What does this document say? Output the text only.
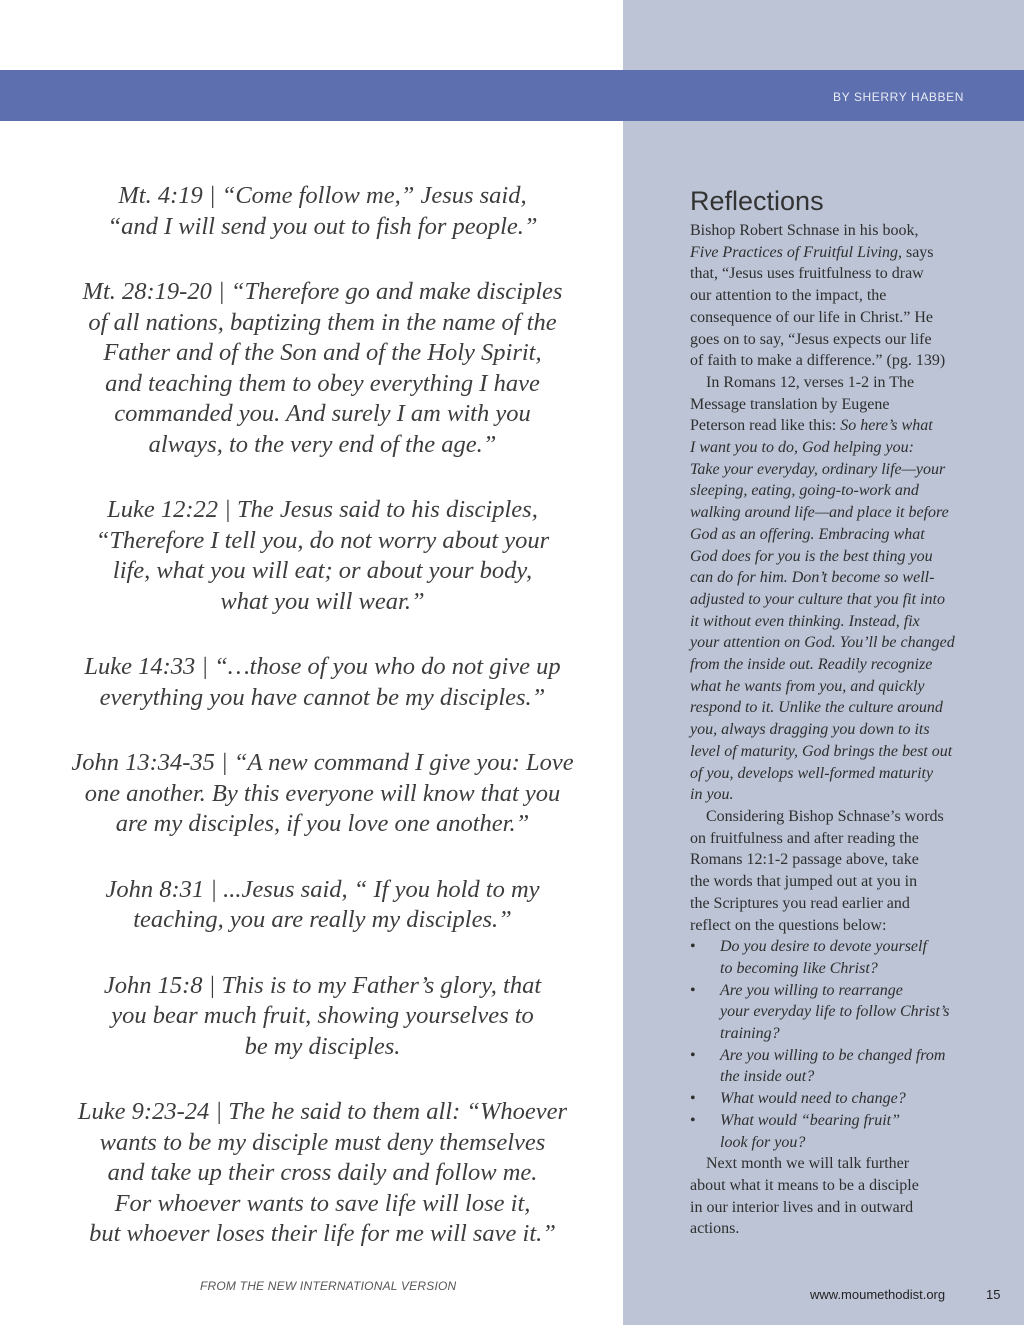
BY SHERRY HABBEN
Mt. 4:19 | “Come follow me,” Jesus said,
“and I will send you out to fish for people.”
Mt. 28:19-20 | “Therefore go and make disciples
of all nations, baptizing them in the name of the
Father and of the Son and of the Holy Spirit,
and teaching them to obey everything I have
commanded you. And surely I am with you
always, to the very end of the age.”
Luke 12:22 | The Jesus said to his disciples,
“Therefore I tell you, do not worry about your
life, what you will eat; or about your body,
what you will wear.”
Luke 14:33 | “…those of you who do not give up
everything you have cannot be my disciples.”
John 13:34-35 | “A new command I give you: Love
one another. By this everyone will know that you
are my disciples, if you love one another.”
John 8:31 | ...Jesus said, “ If you hold to my
teaching, you are really my disciples.”
John 15:8 | This is to my Father’s glory, that
you bear much fruit, showing yourselves to
be my disciples.
Luke 9:23-24 | The he said to them all: “Whoever
wants to be my disciple must deny themselves
and take up their cross daily and follow me.
For whoever wants to save life will lose it,
but whoever loses their life for me will save it.”
FROM THE NEW INTERNATIONAL VERSION
Reflections
Bishop Robert Schnase in his book,
Five Practices of Fruitful Living, says
that, “Jesus uses fruitfulness to draw
our attention to the impact, the
consequence of our life in Christ.” He
goes on to say, “Jesus expects our life
of faith to make a difference.” (pg. 139)
In Romans 12, verses 1-2 in The
Message translation by Eugene
Peterson read like this: So here’s what
I want you to do, God helping you:
Take your everyday, ordinary life—your
sleeping, eating, going-to-work and
walking around life—and place it before
God as an offering. Embracing what
God does for you is the best thing you
can do for him. Don’t become so well-
adjusted to your culture that you fit into
it without even thinking. Instead, fix
your attention on God. You’ll be changed
from the inside out. Readily recognize
what he wants from you, and quickly
respond to it. Unlike the culture around
you, always dragging you down to its
level of maturity, God brings the best out
of you, develops well-formed maturity
in you.
Considering Bishop Schnase’s words
on fruitfulness and after reading the
Romans 12:1-2 passage above, take
the words that jumped out at you in
the Scriptures you read earlier and
reflect on the questions below:
• Do you desire to devote yourself
to becoming like Christ?
• Are you willing to rearrange
your everyday life to follow Christ’s
training?
• Are you willing to be changed from
the inside out?
• What would need to change?
• What would “bearing fruit”
look for you?
Next month we will talk further
about what it means to be a disciple
in our interior lives and in outward
actions.
www.moumethodist.org	15
